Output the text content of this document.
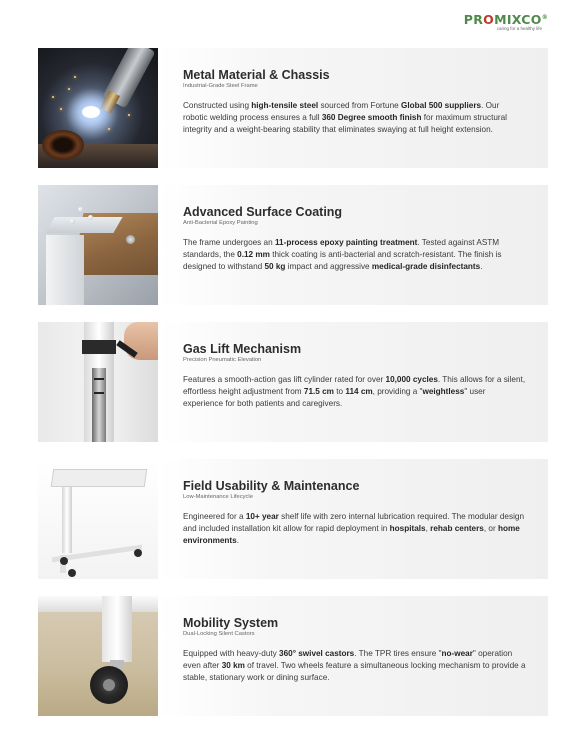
PROMIXCO®
caring for a healthy life
Metal Material & Chassis
Industrial-Grade Steel Frame

Constructed using high-tensile steel sourced from Fortune Global 500 suppliers. Our robotic welding process ensures a full 360 Degree smooth finish for maximum structural integrity and a weight-bearing stability that eliminates swaying at full height extension.

Advanced Surface Coating
Anti-Bacterial Epoxy Painting

The frame undergoes an 11-process epoxy painting treatment. Tested against ASTM standards, the 0.12 mm thick coating is anti-bacterial and scratch-resistant. The finish is designed to withstand 50 kg impact and aggressive medical-grade disinfectants.

Gas Lift Mechanism
Precision Pneumatic Elevation

Features a smooth-action gas lift cylinder rated for over 10,000 cycles. This allows for a silent, effortless height adjustment from 71.5 cm to 114 cm, providing a "weightless" user experience for both patients and caregivers.

Field Usability & Maintenance
Low-Maintenance Lifecycle

Engineered for a 10+ year shelf life with zero internal lubrication required. The modular design and included installation kit allow for rapid deployment in hospitals, rehab centers, or home environments.

Mobility System
Dual-Locking Silent Castors

Equipped with heavy-duty 360° swivel castors. The TPR tires ensure "no-wear" operation even after 30 km of travel. Two wheels feature a simultaneous locking mechanism to provide a stable, stationary work or dining surface.
